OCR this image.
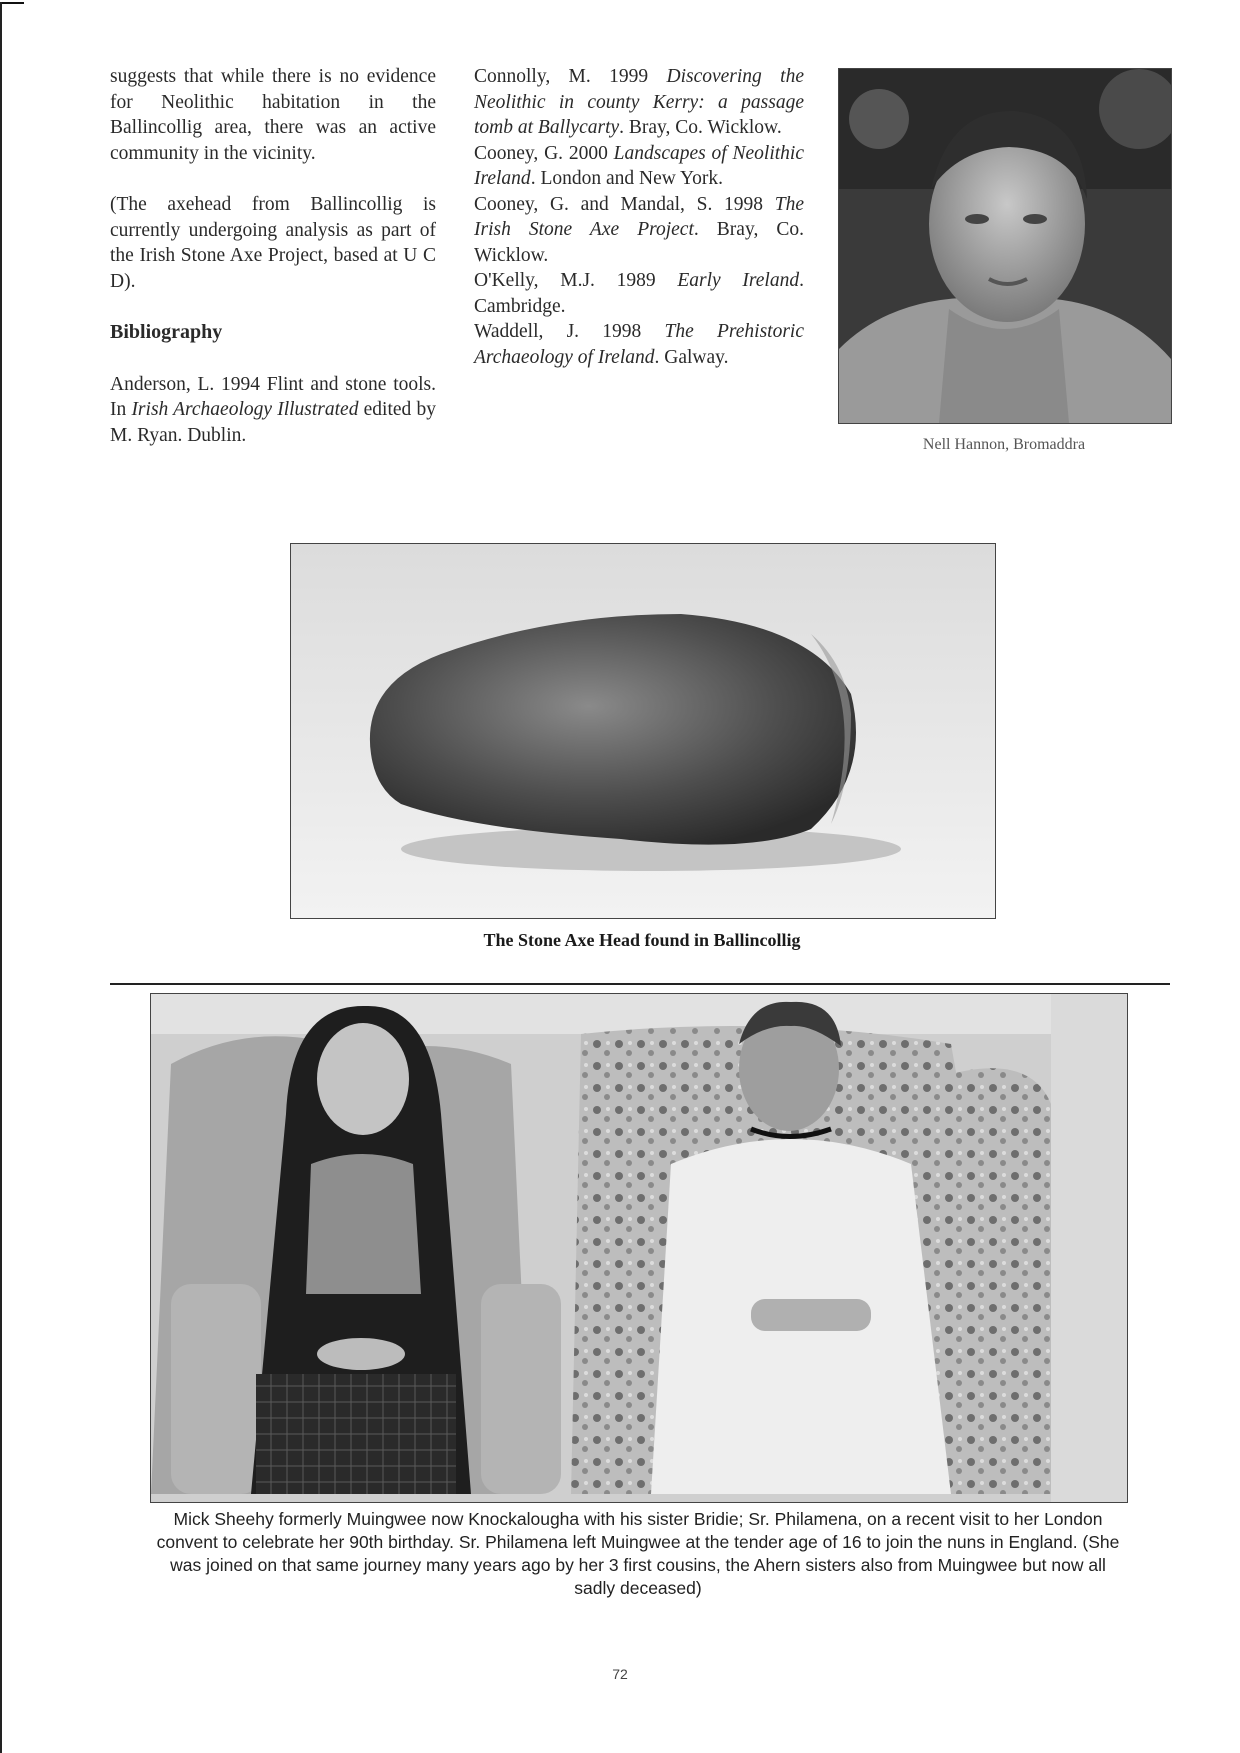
suggests that while there is no evidence for Neolithic habitation in the Ballincollig area, there was an active community in the vicinity.

(The axehead from Ballincollig is currently undergoing analysis as part of the Irish Stone Axe Project, based at U C D).

Bibliography

Anderson, L. 1994 Flint and stone tools. In Irish Archaeology Illustrated edited by M. Ryan. Dublin.

Connolly, M. 1999 Discovering the Neolithic in county Kerry: a passage tomb at Ballycarty. Bray, Co. Wicklow.

Cooney, G. 2000 Landscapes of Neolithic Ireland. London and New York.

Cooney, G. and Mandal, S. 1998 The Irish Stone Axe Project. Bray, Co. Wicklow.

O'Kelly, M.J. 1989 Early Ireland. Cambridge.

Waddell, J. 1998 The Prehistoric Archaeology of Ireland. Galway.

Nell Hannon, Bromaddra
The Stone Axe Head found in Ballincollig
Mick Sheehy formerly Muingwee now Knockalougha with his sister Bridie; Sr. Philamena, on a recent visit to her London convent to celebrate her 90th birthday. Sr. Philamena left Muingwee at the tender age of 16 to join the nuns in England. (She was joined on that same journey many years ago by her 3 first cousins, the Ahern sisters also from Muingwee but now all sadly deceased)
72
